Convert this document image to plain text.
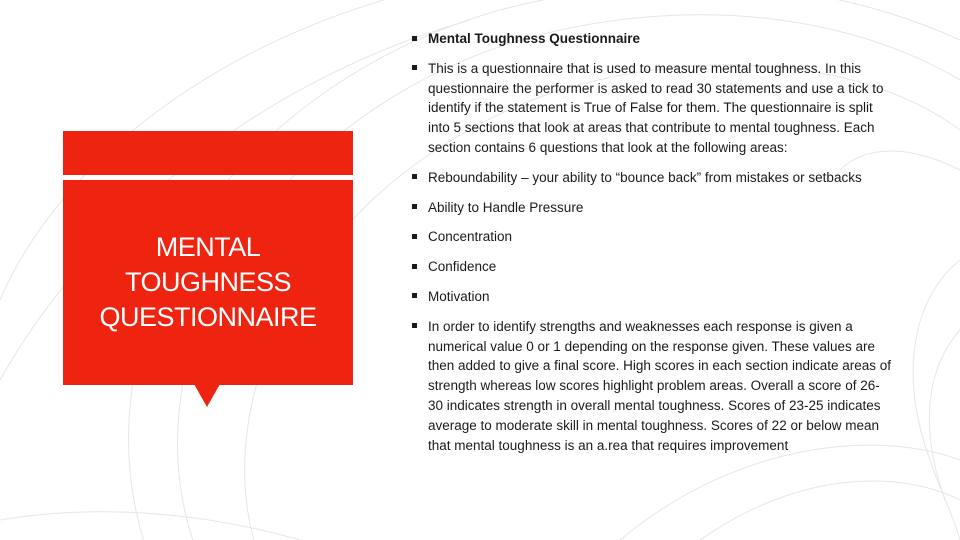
MENTAL TOUGHNESS QUESTIONNAIRE
Mental Toughness Questionnaire
This is a questionnaire that is used to measure mental toughness. In this questionnaire the performer is asked to read 30 statements and use a tick to identify if the statement is True of False for them. The questionnaire is split into 5 sections that look at areas that contribute to mental toughness. Each section contains 6 questions that look at the following areas:
Reboundability – your ability to “bounce back” from mistakes or setbacks
Ability to Handle Pressure
Concentration
Confidence
Motivation
In order to identify strengths and weaknesses each response is given a numerical value 0 or 1 depending on the response given. These values are then added to give a final score. High scores in each section indicate areas of strength whereas low scores highlight problem areas. Overall a score of 26-30 indicates strength in overall mental toughness. Scores of 23-25 indicates average to moderate skill in mental toughness. Scores of 22 or below mean that mental toughness is an a.rea that requires improvement
